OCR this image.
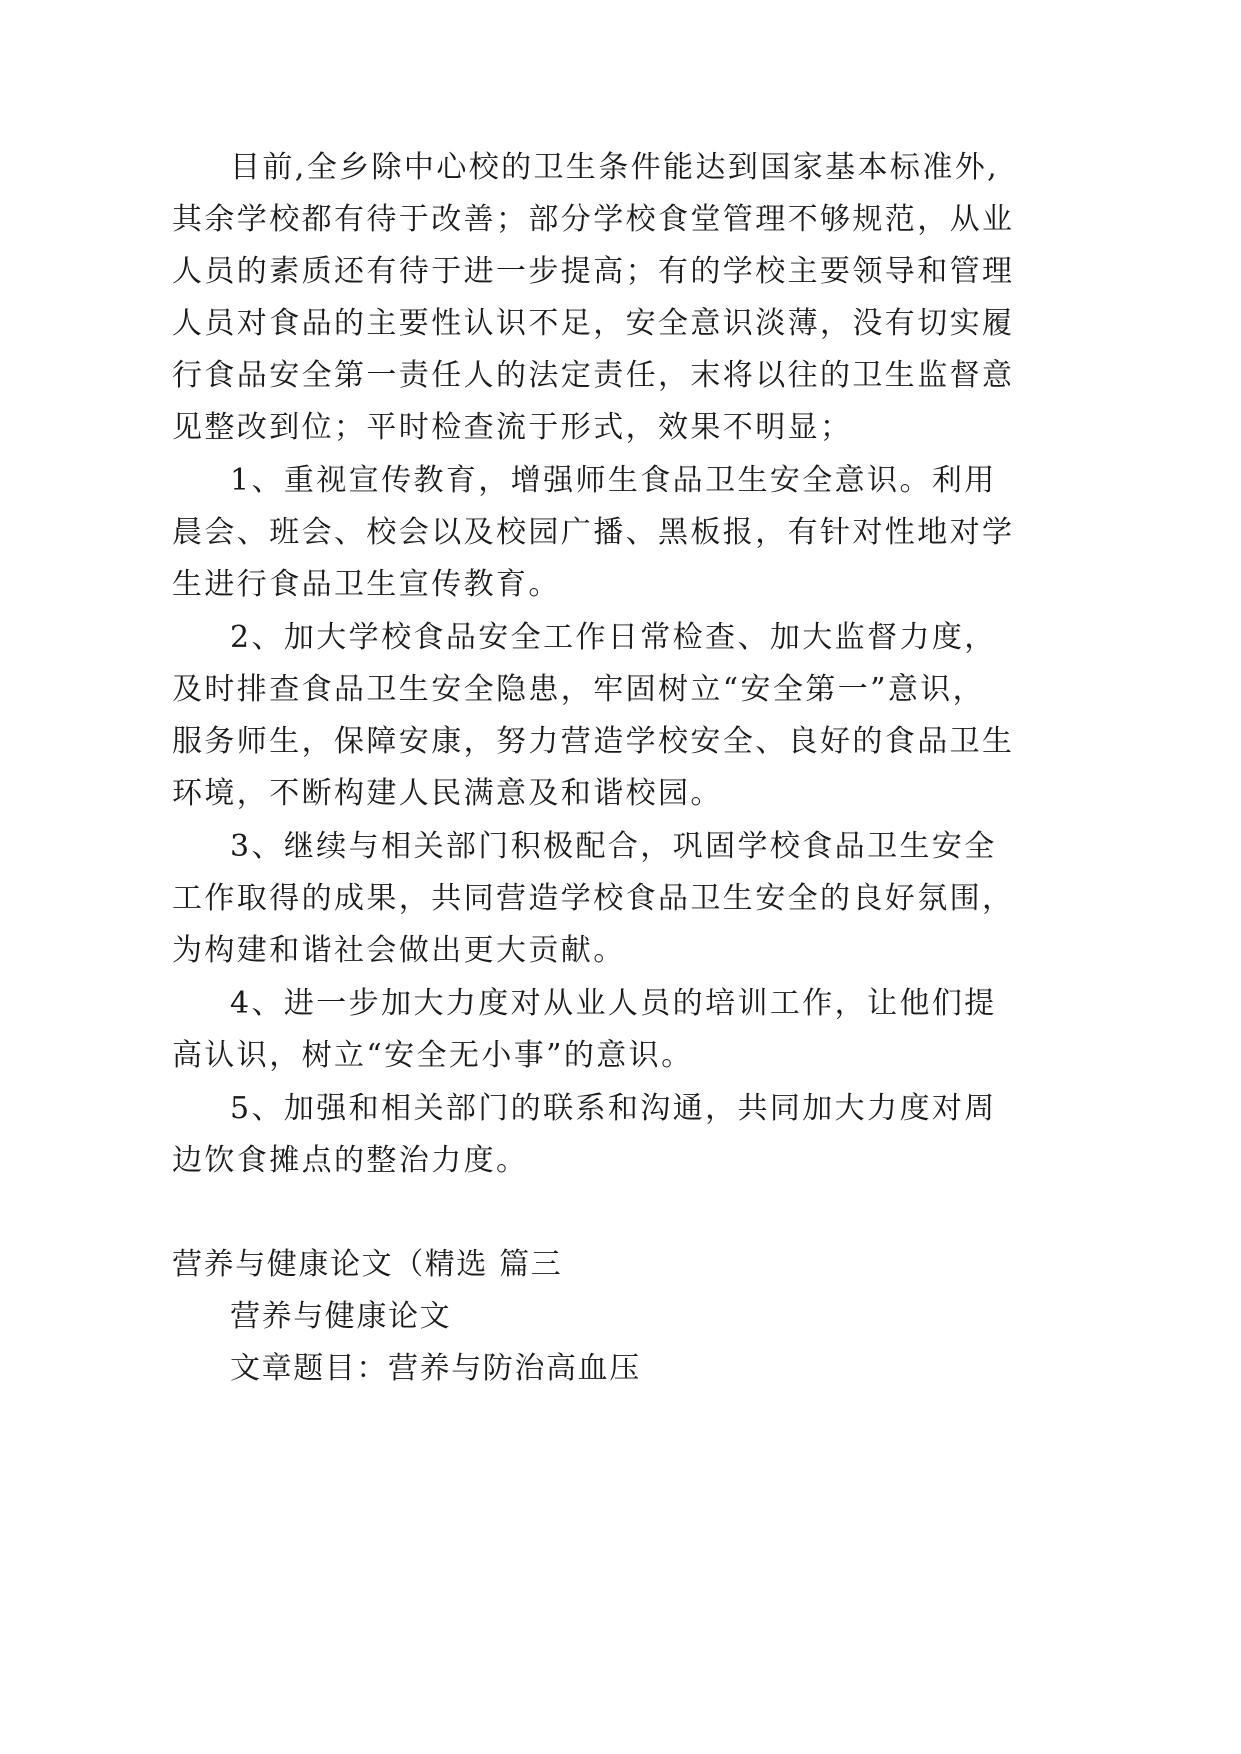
目前,全乡除中心校的卫生条件能达到国家基本标准外,
其余学校都有待于改善；部分学校食堂管理不够规范，从业
人员的素质还有待于进一步提高；有的学校主要领导和管理
人员对食品的主要性认识不足，安全意识淡薄，没有切实履
行食品安全第一责任人的法定责任，末将以往的卫生监督意
见整改到位；平时检查流于形式，效果不明显；
1、重视宣传教育，增强师生食品卫生安全意识。利用
晨会、班会、校会以及校园广播、黑板报，有针对性地对学
生进行食品卫生宣传教育。
2、加大学校食品安全工作日常检查、加大监督力度，
及时排查食品卫生安全隐患，牢固树立“安全第一”意识，
服务师生，保障安康，努力营造学校安全、良好的食品卫生
环境，不断构建人民满意及和谐校园。
3、继续与相关部门积极配合，巩固学校食品卫生安全
工作取得的成果，共同营造学校食品卫生安全的良好氛围，
为构建和谐社会做出更大贡献。
4、进一步加大力度对从业人员的培训工作，让他们提
高认识，树立“安全无小事”的意识。
5、加强和相关部门的联系和沟通，共同加大力度对周
边饮食摊点的整治力度。
营养与健康论文（精选 篇三
营养与健康论文
文章题目：营养与防治高血压
